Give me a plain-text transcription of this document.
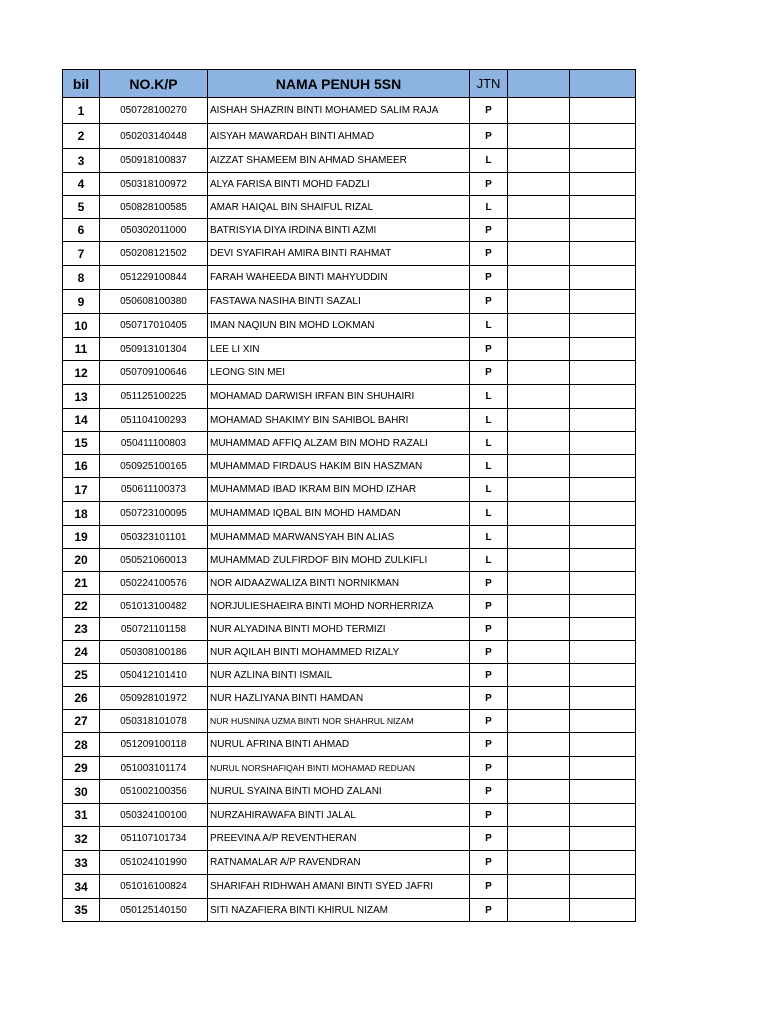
bil	NO.K/P	NAMA PENUH 5SN	JTN		
1	050728100270	AISHAH SHAZRIN BINTI MOHAMED SALIM RAJA	P		
2	050203140448	AISYAH MAWARDAH BINTI AHMAD	P		
3	050918100837	AIZZAT SHAMEEM BIN AHMAD SHAMEER	L		
4	050318100972	ALYA FARISA BINTI MOHD FADZLI	P		
5	050828100585	AMAR HAIQAL BIN SHAIFUL RIZAL	L		
6	050302011000	BATRISYIA DIYA IRDINA BINTI AZMI	P		
7	050208121502	DEVI SYAFIRAH AMIRA BINTI RAHMAT	P		
8	051229100844	FARAH WAHEEDA BINTI MAHYUDDIN	P		
9	050608100380	FASTAWA NASIHA BINTI SAZALI	P		
10	050717010405	IMAN NAQIUN BIN MOHD LOKMAN	L		
11	050913101304	LEE LI XIN	P		
12	050709100646	LEONG SIN MEI	P		
13	051125100225	MOHAMAD DARWISH IRFAN BIN SHUHAIRI	L		
14	051104100293	MOHAMAD SHAKIMY BIN SAHIBOL BAHRI	L		
15	050411100803	MUHAMMAD AFFIQ ALZAM BIN MOHD RAZALI	L		
16	050925100165	MUHAMMAD FIRDAUS HAKIM BIN HASZMAN	L		
17	050611100373	MUHAMMAD IBAD IKRAM BIN MOHD IZHAR	L		
18	050723100095	MUHAMMAD IQBAL BIN MOHD HAMDAN	L		
19	050323101101	MUHAMMAD MARWANSYAH BIN ALIAS	L		
20	050521060013	MUHAMMAD ZULFIRDOF BIN MOHD ZULKIFLI	L		
21	050224100576	NOR AIDAAZWALIZA BINTI NORNIKMAN	P		
22	051013100482	NORJULIESHAEIRA BINTI MOHD NORHERRIZA	P		
23	050721101158	NUR ALYADINA BINTI MOHD TERMIZI	P		
24	050308100186	NUR AQILAH BINTI MOHAMMED RIZALY	P		
25	050412101410	NUR AZLINA BINTI ISMAIL	P		
26	050928101972	NUR HAZLIYANA BINTI HAMDAN	P		
27	050318101078	NUR HUSNINA UZMA BINTI NOR SHAHRUL NIZAM	P		
28	051209100118	NURUL AFRINA BINTI AHMAD	P		
29	051003101174	NURUL NORSHAFIQAH BINTI MOHAMAD REDUAN	P		
30	051002100356	NURUL SYAINA BINTI MOHD ZALANI	P		
31	050324100100	NURZAHIRAWAFA BINTI JALAL	P		
32	051107101734	PREEVINA A/P REVENTHERAN	P		
33	051024101990	RATNAMALAR A/P RAVENDRAN	P		
34	051016100824	SHARIFAH RIDHWAH AMANI BINTI SYED JAFRI	P		
35	050125140150	SITI NAZAFIERA BINTI KHIRUL NIZAM	P		
